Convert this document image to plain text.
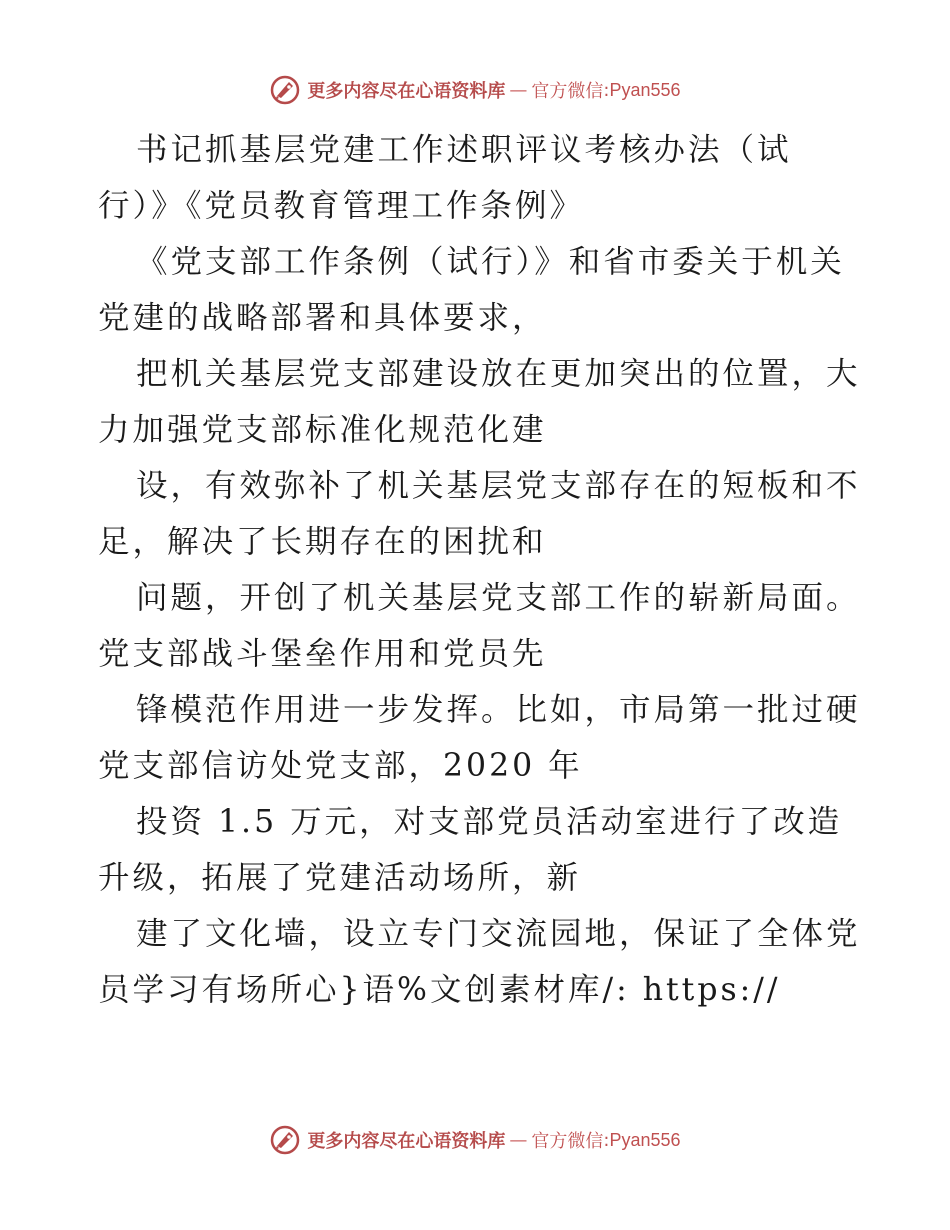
更多内容尽在心语资料库 — 官方微信 : Pyan556
书记抓基层党建工作述职评议考核办法（试
行）》《党员教育管理工作条例》
《党支部工作条例（试行）》和省市委关于机关
党建的战略部署和具体要求，
把机关基层党支部建设放在更加突出的位置，大
力加强党支部标准化规范化建
设，有效弥补了机关基层党支部存在的短板和不
足，解决了长期存在的困扰和
问题，开创了机关基层党支部工作的崭新局面。
党支部战斗堡垒作用和党员先
锋模范作用进一步发挥。比如，市局第一批过硬
党支部信访处党支部，2020 年
投资 1.5 万元，对支部党员活动室进行了改造
升级，拓展了党建活动场所，新
建了文化墙，设立专门交流园地，保证了全体党
员学习有场所心}语%文创素材库/: https://
更多内容尽在心语资料库 — 官方微信 : Pyan556
